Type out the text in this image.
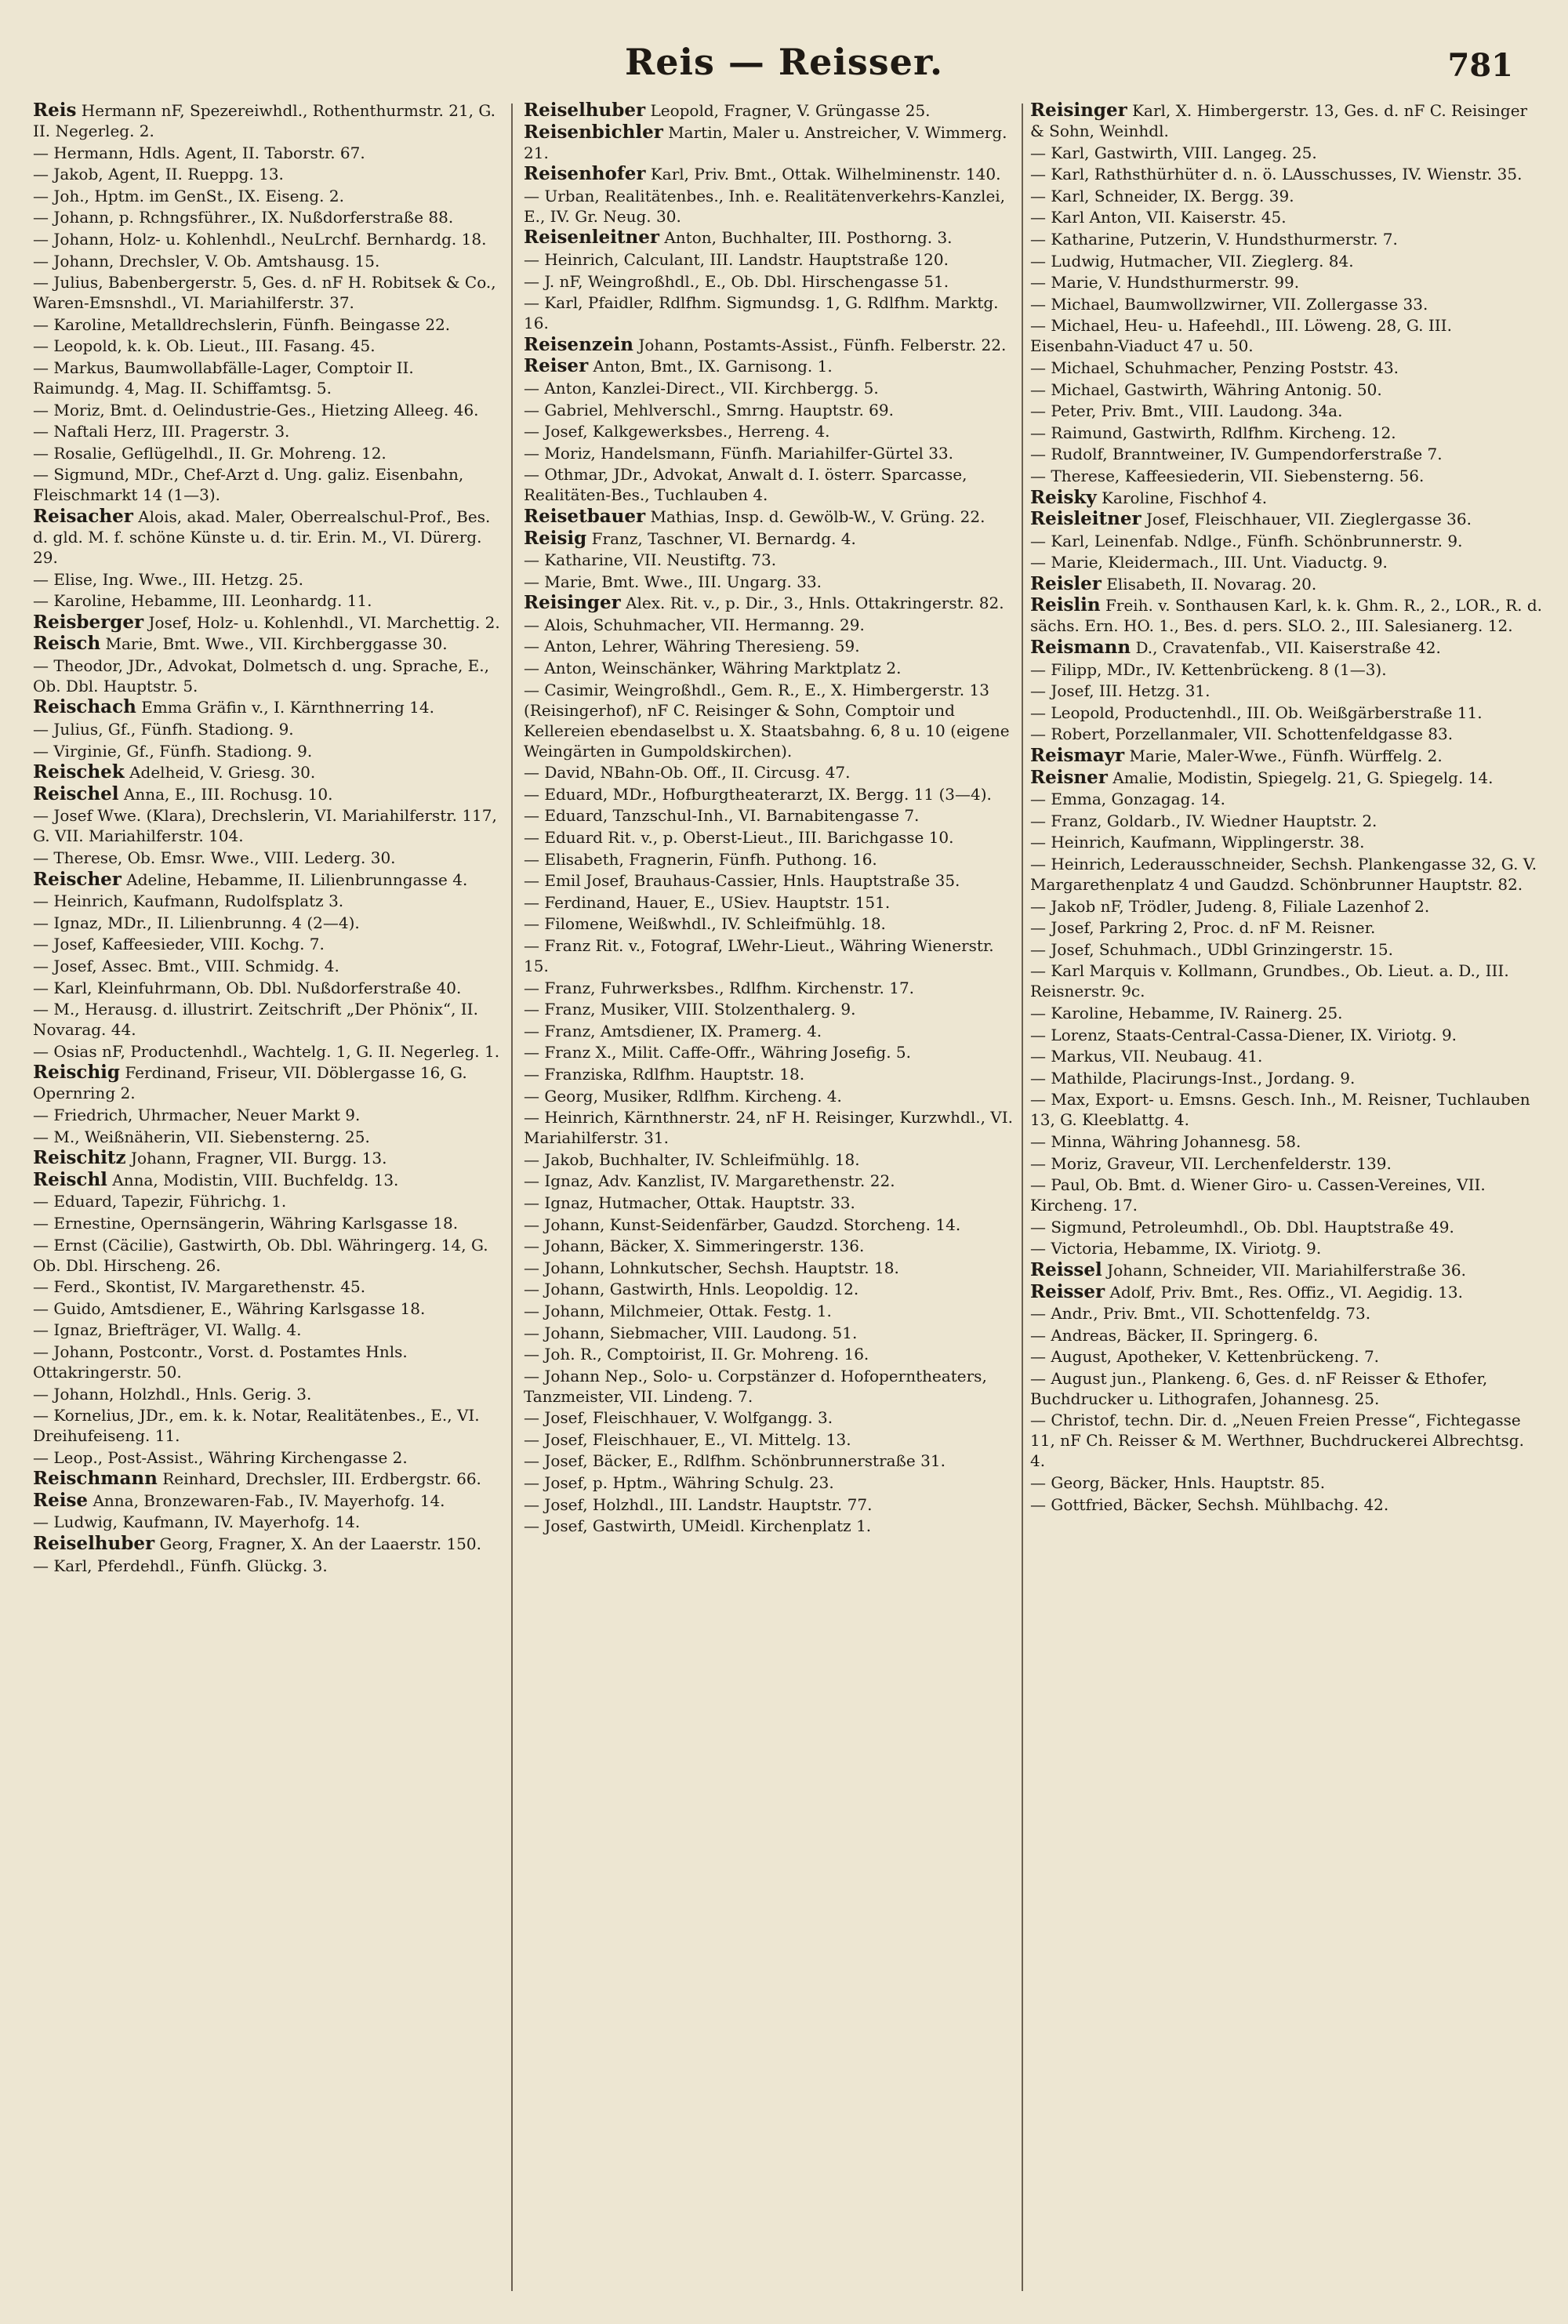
Reis — Reisser.	781
Reis Hermann nF, Spezereiwhdl., Rothenthurmstr. 21, G. II. Negerleg. 2.
— Hermann, Hdls. Agent, II. Taborstr. 67.
— Jakob, Agent, II. Rueppg. 13.
— Joh., Hptm. im GenSt., IX. Eiseng. 2.
— Johann, p. Rchngsführer., IX. Nußdorferstraße 88.
— Johann, Holz- u. Kohlenhdl., NeuLrchf. Bernhardg. 18.
— Johann, Drechsler, V. Ob. Amtshausg. 15.
— Julius, Babenbergerstr. 5, Ges. d. nF H. Robitsek & Co., Waren-Emsnshdl., VI. Mariahilferstr. 37.
— Karoline, Metalldrechslerin, Fünfh. Beingasse 22.
— Leopold, k. k. Ob. Lieut., III. Fasang. 45.
— Markus, Baumwollabfälle-Lager, Comptoir II. Raimundg. 4, Mag. II. Schiffamtsg. 5.
— Moriz, Bmt. d. Oelindustrie-Ges., Hietzing Alleeg. 46.
— Naftali Herz, III. Pragerstr. 3.
— Rosalie, Geflügelhdl., II. Gr. Mohreng. 12.
— Sigmund, MDr., Chef-Arzt d. Ung. galiz. Eisenbahn, Fleischmarkt 14 (1—3).
Reisacher Alois, akad. Maler, Oberrealschul-Prof., Bes. d. gld. M. f. schöne Künste u. d. tir. Erin. M., VI. Dürerg. 29.
— Elise, Ing. Wwe., III. Hetzg. 25.
— Karoline, Hebamme, III. Leonhardg. 11.
Reisberger Josef, Holz- u. Kohlenhdl., VI. Marchettig. 2.
Reisch Marie, Bmt. Wwe., VII. Kirchberggasse 30.
— Theodor, JDr., Advokat, Dolmetsch d. ung. Sprache, E., Ob. Dbl. Hauptstr. 5.
Reischach Emma Gräfin v., I. Kärnthnerring 14.
— Julius, Gf., Fünfh. Stadiong. 9.
— Virginie, Gf., Fünfh. Stadiong. 9.
Reischek Adelheid, V. Griesg. 30.
Reischel Anna, E., III. Rochusg. 10.
— Josef Wwe. (Klara), Drechslerin, VI. Mariahilferstr. 117, G. VII. Mariahilferstr. 104.
— Therese, Ob. Emsr. Wwe., VIII. Lederg. 30.
Reischer Adeline, Hebamme, II. Lilienbrunngasse 4.
— Heinrich, Kaufmann, Rudolfsplatz 3.
— Ignaz, MDr., II. Lilienbrunng. 4 (2—4).
— Josef, Kaffeesieder, VIII. Kochg. 7.
— Josef, Assec. Bmt., VIII. Schmidg. 4.
— Karl, Kleinfuhrmann, Ob. Dbl. Nußdorferstraße 40.
— M., Herausg. d. illustrirt. Zeitschrift „Der Phönix“, II. Novarag. 44.
— Osias nF, Productenhdl., Wachtelg. 1, G. II. Negerleg. 1.
Reischig Ferdinand, Friseur, VII. Döblergasse 16, G. Opernring 2.
— Friedrich, Uhrmacher, Neuer Markt 9.
— M., Weißnäherin, VII. Siebensterng. 25.
Reischitz Johann, Fragner, VII. Burgg. 13.
Reischl Anna, Modistin, VIII. Buchfeldg. 13.
— Eduard, Tapezir, Führichg. 1.
— Ernestine, Opernsängerin, Währing Karlsgasse 18.
— Ernst (Cäcilie), Gastwirth, Ob. Dbl. Währingerg. 14, G. Ob. Dbl. Hirscheng. 26.
— Ferd., Skontist, IV. Margarethenstr. 45.
— Guido, Amtsdiener, E., Währing Karlsgasse 18.
— Ignaz, Briefträger, VI. Wallg. 4.
— Johann, Postcontr., Vorst. d. Postamtes Hnls. Ottakringerstr. 50.
— Johann, Holzhdl., Hnls. Gerig. 3.
— Kornelius, JDr., em. k. k. Notar, Realitätenbes., E., VI. Dreihufeiseng. 11.
— Leop., Post-Assist., Währing Kirchengasse 2.
Reischmann Reinhard, Drechsler, III. Erdbergstr. 66.
Reise Anna, Bronzewaren-Fab., IV. Mayerhofg. 14.
— Ludwig, Kaufmann, IV. Mayerhofg. 14.
Reiselhuber Georg, Fragner, X. An der Laaerstr. 150.
— Karl, Pferdehdl., Fünfh. Glückg. 3.
Reiselhuber Leopold, Fragner, V. Grüngasse 25.
Reisenbichler Martin, Maler u. Anstreicher, V. Wimmerg. 21.
Reisenhofer Karl, Priv. Bmt., Ottak. Wilhelminenstr. 140.
— Urban, Realitätenbes., Inh. e. Realitätenverkehrs-Kanzlei, E., IV. Gr. Neug. 30.
Reisenleitner Anton, Buchhalter, III. Posthorng. 3.
— Heinrich, Calculant, III. Landstr. Hauptstraße 120.
— J. nF, Weingroßhdl., E., Ob. Dbl. Hirschengasse 51.
— Karl, Pfaidler, Rdlfhm. Sigmundsg. 1, G. Rdlfhm. Marktg. 16.
Reisenzein Johann, Postamts-Assist., Fünfh. Felberstr. 22.
Reiser Anton, Bmt., IX. Garnisong. 1.
— Anton, Kanzlei-Direct., VII. Kirchbergg. 5.
— Gabriel, Mehlverschl., Smrng. Hauptstr. 69.
— Josef, Kalkgewerksbes., Herreng. 4.
— Moriz, Handelsmann, Fünfh. Mariahilfer-Gürtel 33.
— Othmar, JDr., Advokat, Anwalt d. I. österr. Sparcasse, Realitäten-Bes., Tuchlauben 4.
Reisetbauer Mathias, Insp. d. Gewölb-W., V. Grüng. 22.
Reisig Franz, Taschner, VI. Bernardg. 4.
— Katharine, VII. Neustiftg. 73.
— Marie, Bmt. Wwe., III. Ungarg. 33.
Reisinger Alex. Rit. v., p. Dir., 3., Hnls. Ottakringerstr. 82.
— Alois, Schuhmacher, VII. Hermanng. 29.
— Anton, Lehrer, Währing Theresieng. 59.
— Anton, Weinschänker, Währing Marktplatz 2.
— Casimir, Weingroßhdl., Gem. R., E., X. Himbergerstr. 13 (Reisingerhof), nF C. Reisinger & Sohn, Comptoir und Kellereien ebendaselbst u. X. Staatsbahng. 6, 8 u. 10 (eigene Weingärten in Gumpoldskirchen).
— David, NBahn-Ob. Off., II. Circusg. 47.
— Eduard, MDr., Hofburgtheaterarzt, IX. Bergg. 11 (3—4).
— Eduard, Tanzschul-Inh., VI. Barnabitengasse 7.
— Eduard Rit. v., p. Oberst-Lieut., III. Barichgasse 10.
— Elisabeth, Fragnerin, Fünfh. Puthong. 16.
— Emil Josef, Brauhaus-Cassier, Hnls. Hauptstraße 35.
— Ferdinand, Hauer, E., USiev. Hauptstr. 151.
— Filomene, Weißwhdl., IV. Schleifmühlg. 18.
— Franz Rit. v., Fotograf, LWehr-Lieut., Währing Wienerstr. 15.
— Franz, Fuhrwerksbes., Rdlfhm. Kirchenstr. 17.
— Franz, Musiker, VIII. Stolzenthalerg. 9.
— Franz, Amtsdiener, IX. Pramerg. 4.
— Franz X., Milit. Caffe-Offr., Währing Josefig. 5.
— Franziska, Rdlfhm. Hauptstr. 18.
— Georg, Musiker, Rdlfhm. Kircheng. 4.
— Heinrich, Kärnthnerstr. 24, nF H. Reisinger, Kurzwhdl., VI. Mariahilferstr. 31.
— Jakob, Buchhalter, IV. Schleifmühlg. 18.
— Ignaz, Adv. Kanzlist, IV. Margarethenstr. 22.
— Ignaz, Hutmacher, Ottak. Hauptstr. 33.
— Johann, Kunst-Seidenfärber, Gaudzd. Storcheng. 14.
— Johann, Bäcker, X. Simmeringerstr. 136.
— Johann, Lohnkutscher, Sechsh. Hauptstr. 18.
— Johann, Gastwirth, Hnls. Leopoldig. 12.
— Johann, Milchmeier, Ottak. Festg. 1.
— Johann, Siebmacher, VIII. Laudong. 51.
— Joh. R., Comptoirist, II. Gr. Mohreng. 16.
— Johann Nep., Solo- u. Corpstänzer d. Hofoperntheaters, Tanzmeister, VII. Lindeng. 7.
— Josef, Fleischhauer, V. Wolfgangg. 3.
— Josef, Fleischhauer, E., VI. Mittelg. 13.
— Josef, Bäcker, E., Rdlfhm. Schönbrunnerstraße 31.
— Josef, p. Hptm., Währing Schulg. 23.
— Josef, Holzhdl., III. Landstr. Hauptstr. 77.
— Josef, Gastwirth, UMeidl. Kirchenplatz 1.
Reisinger Karl, X. Himbergerstr. 13, Ges. d. nF C. Reisinger & Sohn, Weinhdl.
— Karl, Gastwirth, VIII. Langeg. 25.
— Karl, Rathsthürhüter d. n. ö. LAusschusses, IV. Wienstr. 35.
— Karl, Schneider, IX. Bergg. 39.
— Karl Anton, VII. Kaiserstr. 45.
— Katharine, Putzerin, V. Hundsthurmerstr. 7.
— Ludwig, Hutmacher, VII. Zieglerg. 84.
— Marie, V. Hundsthurmerstr. 99.
— Michael, Baumwollzwirner, VII. Zollergasse 33.
— Michael, Heu- u. Hafeehdl., III. Löweng. 28, G. III. Eisenbahn-Viaduct 47 u. 50.
— Michael, Schuhmacher, Penzing Poststr. 43.
— Michael, Gastwirth, Währing Antonig. 50.
— Peter, Priv. Bmt., VIII. Laudong. 34a.
— Raimund, Gastwirth, Rdlfhm. Kircheng. 12.
— Rudolf, Branntweiner, IV. Gumpendorferstraße 7.
— Therese, Kaffeesiederin, VII. Siebensterng. 56.
Reisky Karoline, Fischhof 4.
Reisleitner Josef, Fleischhauer, VII. Zieglergasse 36.
— Karl, Leinenfab. Ndlge., Fünfh. Schönbrunnerstr. 9.
— Marie, Kleidermach., III. Unt. Viaductg. 9.
Reisler Elisabeth, II. Novarag. 20.
Reislin Freih. v. Sonthausen Karl, k. k. Ghm. R., 2., LOR., R. d. sächs. Ern. HO. 1., Bes. d. pers. SLO. 2., III. Salesianerg. 12.
Reismann D., Cravatenfab., VII. Kaiserstraße 42.
— Filipp, MDr., IV. Kettenbrückeng. 8 (1—3).
— Josef, III. Hetzg. 31.
— Leopold, Productenhdl., III. Ob. Weißgärberstraße 11.
— Robert, Porzellanmaler, VII. Schottenfeldgasse 83.
Reismayr Marie, Maler-Wwe., Fünfh. Würffelg. 2.
Reisner Amalie, Modistin, Spiegelg. 21, G. Spiegelg. 14.
— Emma, Gonzagag. 14.
— Franz, Goldarb., IV. Wiedner Hauptstr. 2.
— Heinrich, Kaufmann, Wipplingerstr. 38.
— Heinrich, Lederausschneider, Sechsh. Plankengasse 32, G. V. Margarethenplatz 4 und Gaudzd. Schönbrunner Hauptstr. 82.
— Jakob nF, Trödler, Judeng. 8, Filiale Lazenhof 2.
— Josef, Parkring 2, Proc. d. nF M. Reisner.
— Josef, Schuhmach., UDbl Grinzingerstr. 15.
— Karl Marquis v. Kollmann, Grundbes., Ob. Lieut. a. D., III. Reisnerstr. 9c.
— Karoline, Hebamme, IV. Rainerg. 25.
— Lorenz, Staats-Central-Cassa-Diener, IX. Viriotg. 9.
— Markus, VII. Neubaug. 41.
— Mathilde, Placirungs-Inst., Jordang. 9.
— Max, Export- u. Emsns. Gesch. Inh., M. Reisner, Tuchlauben 13, G. Kleeblattg. 4.
— Minna, Währing Johannesg. 58.
— Moriz, Graveur, VII. Lerchenfelderstr. 139.
— Paul, Ob. Bmt. d. Wiener Giro- u. Cassen-Vereines, VII. Kircheng. 17.
— Sigmund, Petroleumhdl., Ob. Dbl. Hauptstraße 49.
— Victoria, Hebamme, IX. Viriotg. 9.
Reissel Johann, Schneider, VII. Mariahilferstraße 36.
Reisser Adolf, Priv. Bmt., Res. Offiz., VI. Aegidig. 13.
— Andr., Priv. Bmt., VII. Schottenfeldg. 73.
— Andreas, Bäcker, II. Springerg. 6.
— August, Apotheker, V. Kettenbrückeng. 7.
— August jun., Plankeng. 6, Ges. d. nF Reisser & Ethofer, Buchdrucker u. Lithografen, Johannesg. 25.
— Christof, techn. Dir. d. „Neuen Freien Presse“, Fichtegasse 11, nF Ch. Reisser & M. Werthner, Buchdruckerei Albrechtsg. 4.
— Georg, Bäcker, Hnls. Hauptstr. 85.
— Gottfried, Bäcker, Sechsh. Mühlbachg. 42.
